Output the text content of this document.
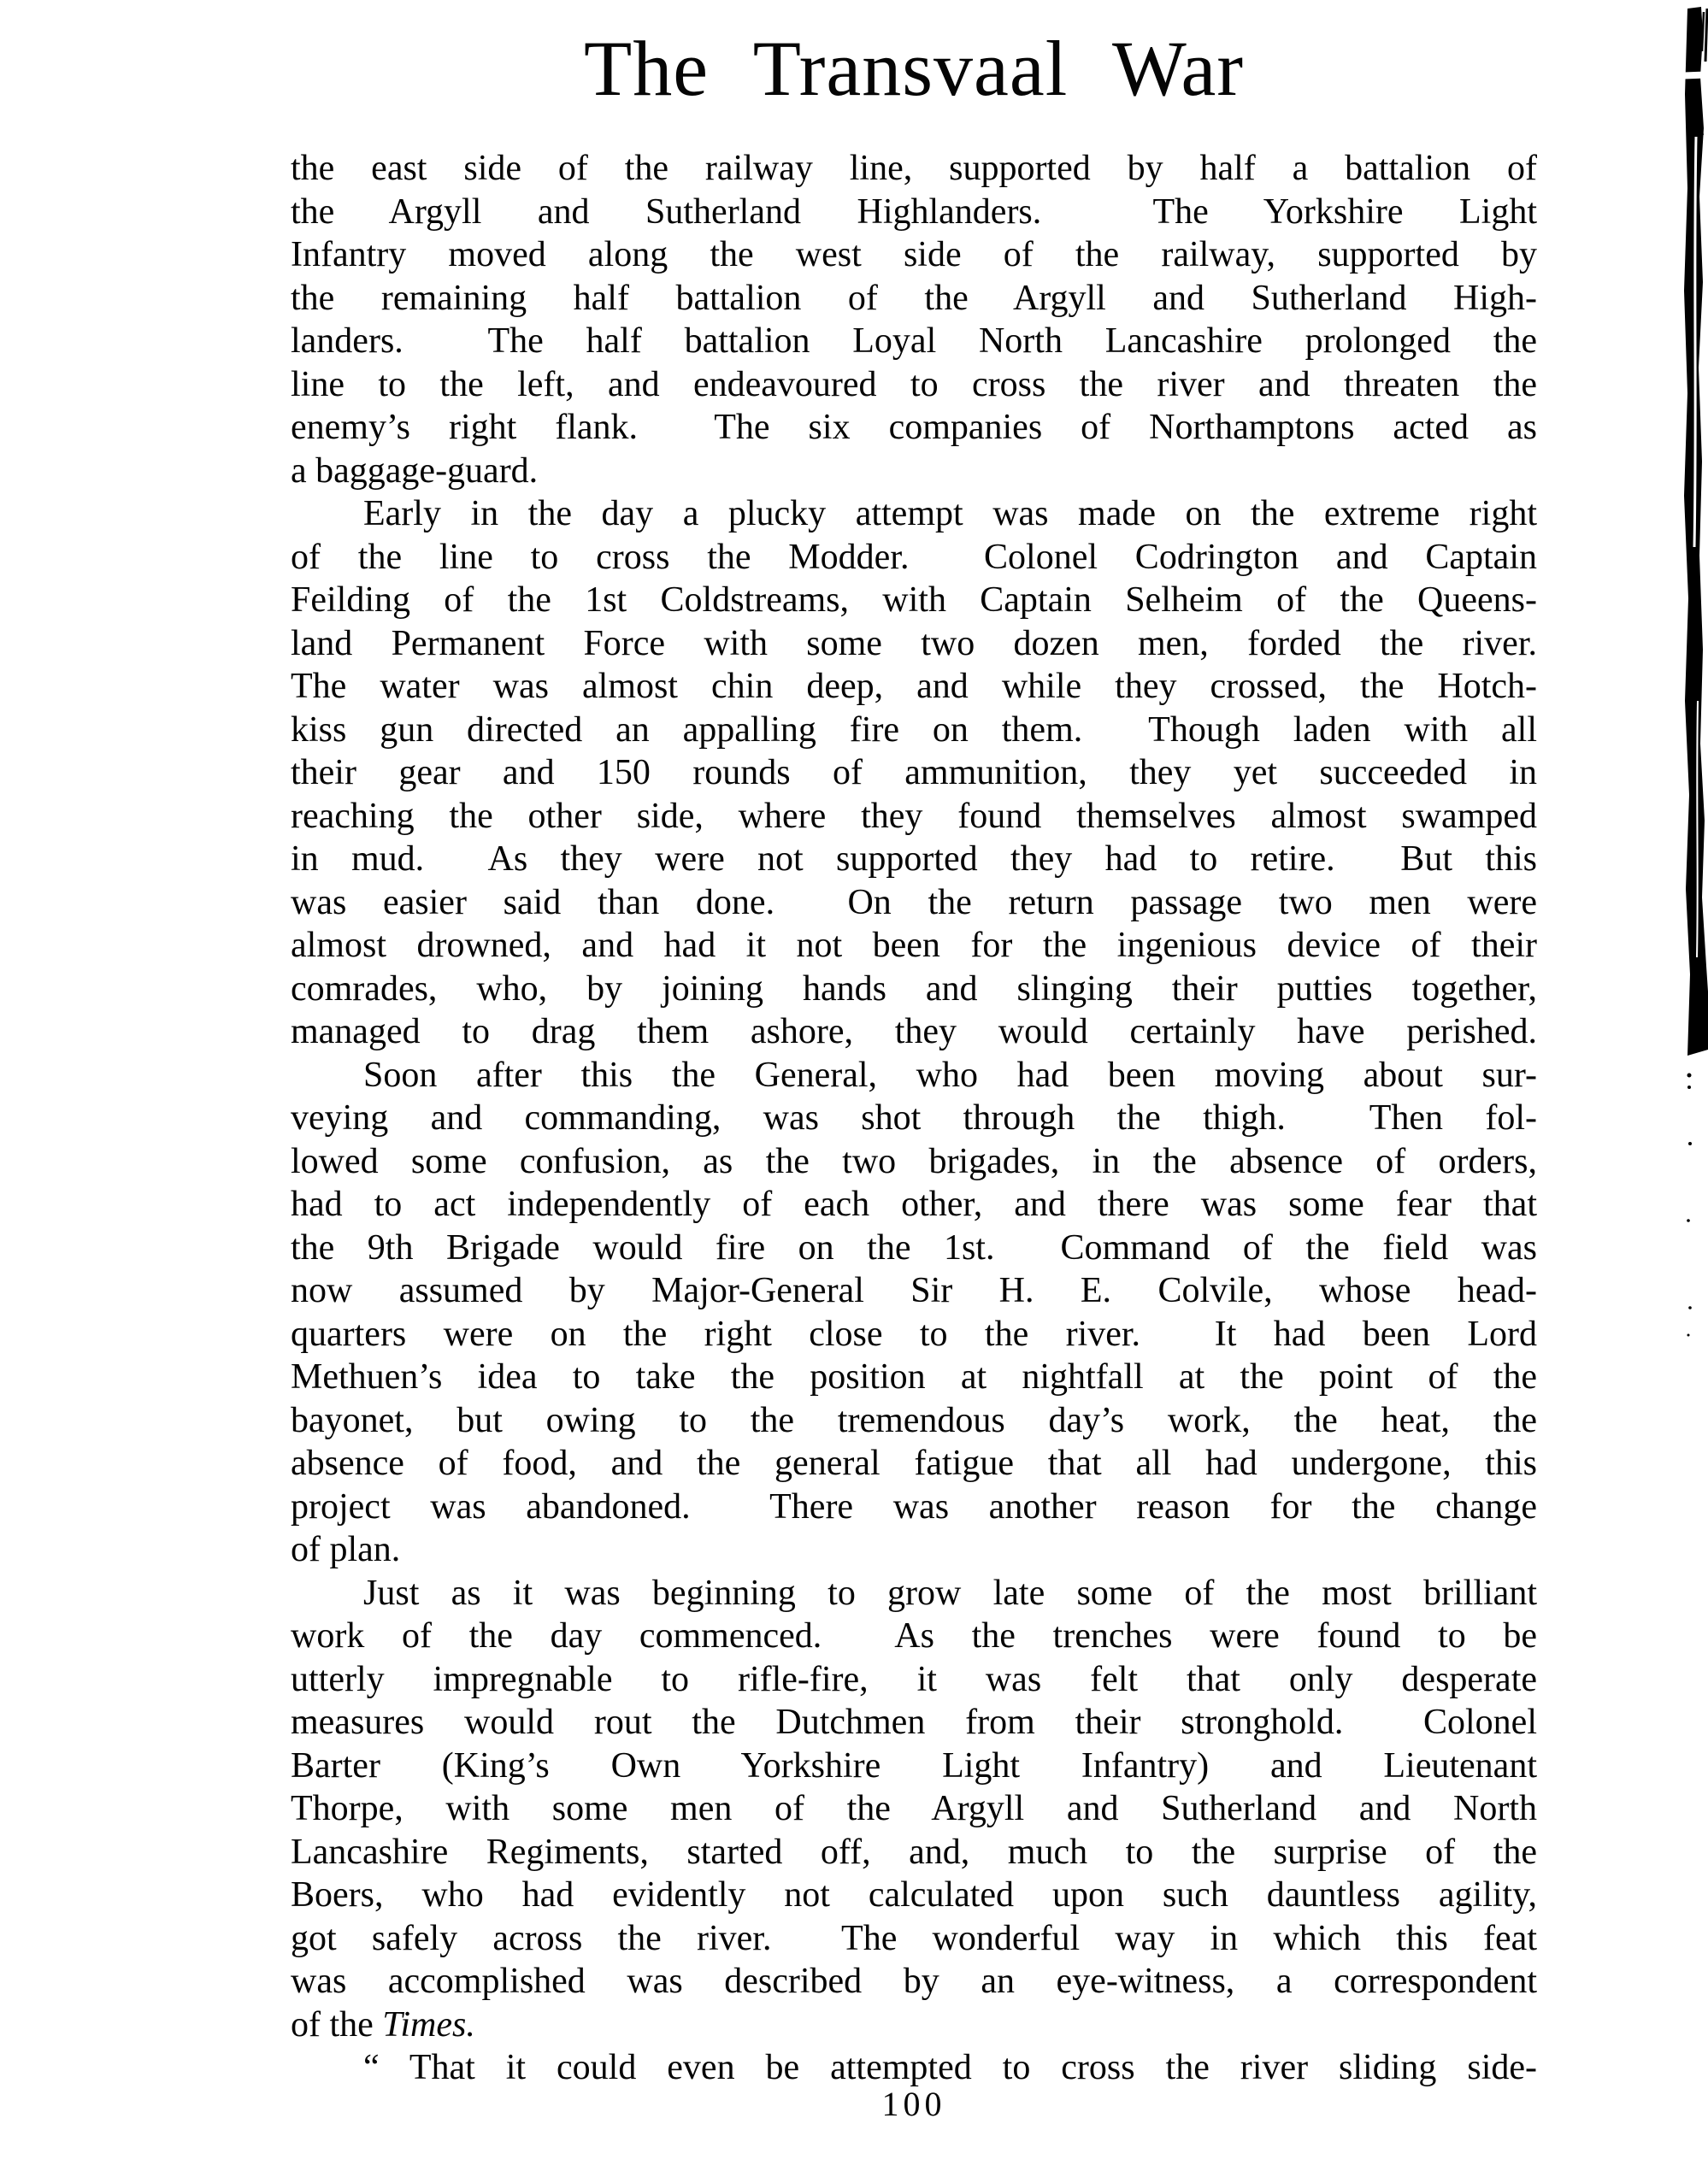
The Transvaal War
the east side of the railway line, supported by half a battalion of
the Argyll and Sutherland Highlanders.  The Yorkshire Light
Infantry moved along the west side of the railway, supported by
the remaining half battalion of the Argyll and Sutherland High-
landers.  The half battalion Loyal North Lancashire prolonged the
line to the left, and endeavoured to cross the river and threaten the
enemy’s right flank.  The six companies of Northamptons acted as
a baggage-guard.
Early in the day a plucky attempt was made on the extreme right
of the line to cross the Modder.  Colonel Codrington and Captain
Feilding of the 1st Coldstreams, with Captain Selheim of the Queens-
land Permanent Force with some two dozen men, forded the river.
The water was almost chin deep, and while they crossed, the Hotch-
kiss gun directed an appalling fire on them.  Though laden with all
their gear and 150 rounds of ammunition, they yet succeeded in
reaching the other side, where they found themselves almost swamped
in mud.  As they were not supported they had to retire.  But this
was easier said than done.  On the return passage two men were
almost drowned, and had it not been for the ingenious device of their
comrades, who, by joining hands and slinging their putties together,
managed to drag them ashore, they would certainly have perished.
Soon after this the General, who had been moving about sur-
veying and commanding, was shot through the thigh.  Then fol-
lowed some confusion, as the two brigades, in the absence of orders,
had to act independently of each other, and there was some fear that
the 9th Brigade would fire on the 1st.  Command of the field was
now assumed by Major-General Sir H. E. Colvile, whose head-
quarters were on the right close to the river.  It had been Lord
Methuen’s idea to take the position at nightfall at the point of the
bayonet, but owing to the tremendous day’s work, the heat, the
absence of food, and the general fatigue that all had undergone, this
project was abandoned.  There was another reason for the change
of plan.
Just as it was beginning to grow late some of the most brilliant
work of the day commenced.  As the trenches were found to be
utterly impregnable to rifle-fire, it was felt that only desperate
measures would rout the Dutchmen from their stronghold.  Colonel
Barter (King’s Own Yorkshire Light Infantry) and Lieutenant
Thorpe, with some men of the Argyll and Sutherland and North
Lancashire Regiments, started off, and, much to the surprise of the
Boers, who had evidently not calculated upon such dauntless agility,
got safely across the river.  The wonderful way in which this feat
was accomplished was described by an eye-witness, a correspondent
of the Times.
“ That it could even be attempted to cross the river sliding side-
100
